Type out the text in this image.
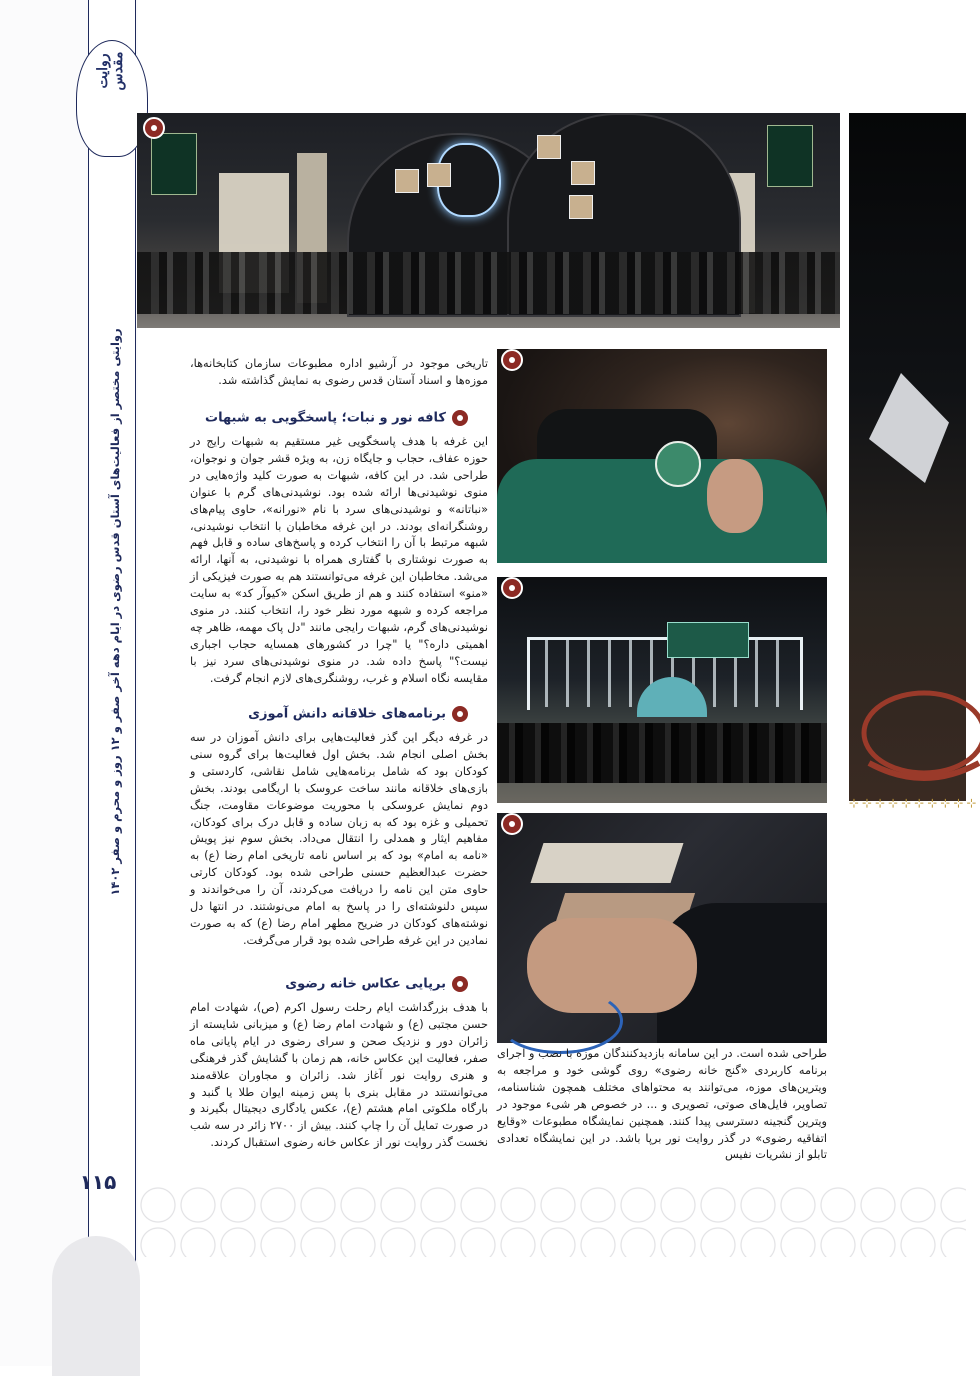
روایت مقدس
روایتی مختصر از فعالیت‌های آستان قدس رضوی در ایام دهه آخر صفر و ۱۲ روز و محرم و صفر ۱۴۰۲
۱۱۵
⊹⊹⊹⊹⊹⊹⊹⊹⊹⊹
تاریخی موجود در آرشیو اداره مطبوعات سازمان کتابخانه‌ها، موزه‌ها و اسناد آستان قدس رضوی به نمایش گذاشته شد.
کافه نور و نبات؛ پاسخگویی به شبهات
این غرفه با هدف پاسخگویی غیر مستقیم به شبهات رایج در حوزه عفاف، حجاب و جایگاه زن، به ویژه قشر جوان و نوجوان، طراحی شد. در این کافه، شبهات به صورت کلید واژه‌هایی در منوی نوشیدنی‌ها ارائه شده بود. نوشیدنی‌های گرم با عنوان «نباتانه» و نوشیدنی‌های سرد با نام «نورانه»، حاوی پیام‌های روشنگرانه‌ای بودند. در این غرفه مخاطبان با انتخاب نوشیدنی، شبهه مرتبط با آن را انتخاب کرده و پاسخ‌های ساده و قابل فهم به صورت نوشتاری با گفتاری همراه با نوشیدنی، به آنها، ارائه می‌شد. مخاطبان این غرفه می‌توانستند هم به صورت فیزیکی از «منو» استفاده کنند و هم از طریق اسکن «کیوآر کد» به سایت مراجعه کرده و شبهه مورد نظر خود را، انتخاب کنند. در منوی نوشیدنی‌های گرم، شبهات رایجی مانند "دل پاک مهمه، ظاهر چه اهمیتی داره؟" یا "چرا در کشورهای همسایه حجاب اجباری نیست؟" پاسخ داده شد. در منوی نوشیدنی‌های سرد نیز با مقایسه نگاه اسلام و غرب، روشنگری‌های لازم انجام گرفت.
برنامه‌های خلاقانه دانش آموزی
در غرفه دیگر این گذر فعالیت‌هایی برای دانش آموزان در سه بخش اصلی انجام شد. بخش اول فعالیت‌ها برای گروه سنی کودکان بود که شامل برنامه‌هایی شامل نقاشی، کاردستی و بازی‌های خلاقانه مانند ساخت عروسک با اریگامی بودند. بخش دوم نمایش عروسکی با محوریت موضوعات مقاومت، جنگ تحمیلی و غزه بود که به زبان ساده و قابل درک برای کودکان، مفاهیم ایثار و همدلی را انتقال می‌داد. بخش سوم نیز پویش «نامه به امام» بود که بر اساس نامه تاریخی امام رضا (ع) به حضرت عبدالعظیم حسنی طراحی شده بود. کودکان کارتی حاوی متن این نامه را دریافت می‌کردند، آن را می‌خواندند و سپس دلنوشته‌ای را در پاسخ به امام می‌نوشتند. در انتها دل نوشته‌های کودکان در ضریح مطهر امام رضا (ع) که به صورت نمادین در این غرفه طراحی شده بود قرار می‌گرفت.
برپایی عکاس خانه رضوی
با هدف بزرگداشت ایام رحلت رسول اکرم (ص)، شهادت امام حسن مجتبی (ع) و شهادت امام رضا (ع) و میزبانی شایسته از زائران دور و نزدیک صحن و سرای رضوی در ایام پایانی ماه صفر، فعالیت این عکاس خانه، هم زمان با گشایش گذر فرهنگی و هنری روایت نور آغاز شد. زائران و مجاوران علاقه‌مند می‌توانستند در مقابل بنری با پس زمینه ایوان طلا یا گنبد و بارگاه ملکوتی امام هشتم (ع)، عکس یادگاری دیجیتال بگیرند و در صورت تمایل آن را چاپ کنند. بیش از ۲۷۰۰ زائر در سه شب نخست گذر روایت نور از عکاس خانه رضوی استقبال کردند.
طراحی شده است. در این سامانه بازدیدکنندگان موزه با نصب و اجرای برنامه کاربردی «گنج خانه رضوی» روی گوشی خود و مراجعه به ویترین‌های موزه، می‌توانند به محتواهای مختلف همچون شناسنامه، تصاویر، فایل‌های صوتی، تصویری و ... در خصوص هر شیء موجود در ویترین گنجینه دسترسی پیدا کنند. همچنین نمایشگاه مطبوعات «وقایع اتفاقیه رضوی» در گذر روایت نور برپا باشد. در این نمایشگاه تعدادی تابلو از نشریات نفیس
